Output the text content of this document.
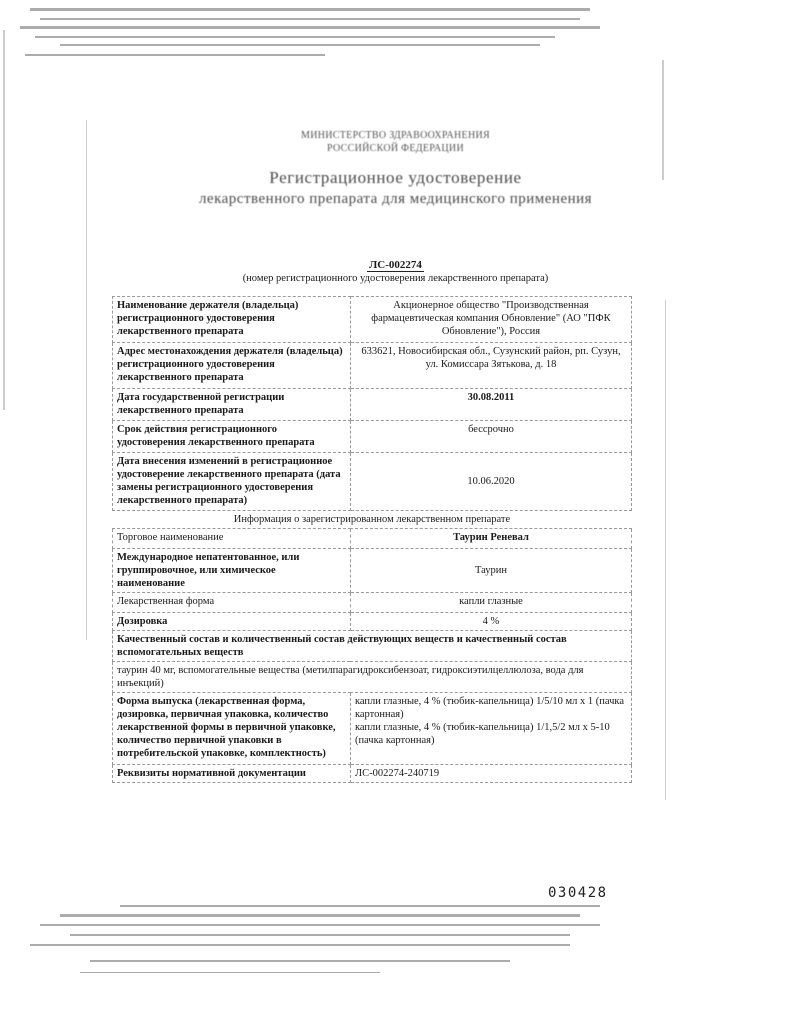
МИНИСТЕРСТВО ЗДРАВООХРАНЕНИЯ
РОССИЙСКОЙ ФЕДЕРАЦИИ
Регистрационное удостоверение
лекарственного препарата для медицинского применения
ЛС-002274
(номер регистрационного удостоверения лекарственного препарата)
Наименование держателя (владельца) регистрационного удостоверения лекарственного препарата	Акционерное общество "Производственная фармацевтическая компания Обновление" (АО "ПФК Обновление"), Россия
Адрес местонахождения держателя (владельца) регистрационного удостоверения лекарственного препарата	633621, Новосибирская обл., Сузунский район, рп. Сузун, ул. Комиссара Зятькова, д. 18
Дата государственной регистрации лекарственного препарата	30.08.2011
Срок действия регистрационного удостоверения лекарственного препарата	бессрочно
Дата внесения изменений в регистрационное удостоверение лекарственного препарата (дата замены регистрационного удостоверения лекарственного препарата)	10.06.2020
Информация о зарегистрированном лекарственном препарате	
Торговое наименование	Таурин Реневал
Международное непатентованное, или группировочное, или химическое наименование	Таурин
Лекарственная форма	капли глазные
Дозировка	4 %
Качественный состав и количественный состав действующих веществ и качественный состав вспомогательных веществ	
таурин 40 мг, вспомогательные вещества (метилпарагидроксибензоат, гидроксиэтилцеллюлоза, вода для инъекций)	
Форма выпуска (лекарственная форма, дозировка, первичная упаковка, количество лекарственной формы в первичной упаковке, количество первичной упаковки в потребительской упаковке, комплектность)	капли глазные, 4 % (тюбик-капельница) 1/5/10 мл х 1 (пачка картонная)
капли глазные, 4 % (тюбик-капельница) 1/1,5/2 мл х 5-10 (пачка картонная)

Реквизиты нормативной документации	ЛС-002274-240719
030428
